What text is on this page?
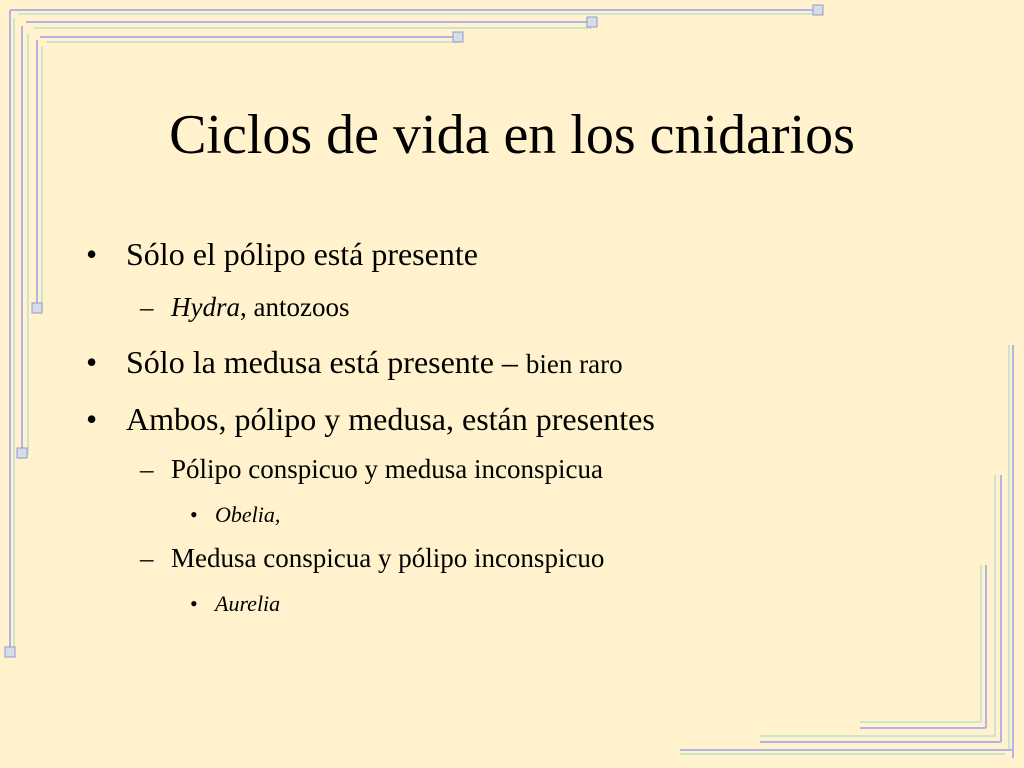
Ciclos de vida en los cnidarios
• Sólo el pólipo está presente
– Hydra, antozoos
• Sólo la medusa está presente – bien raro
• Ambos, pólipo y medusa, están presentes
– Pólipo conspicuo y medusa inconspicua
• Obelia,
– Medusa conspicua y pólipo inconspicuo
• Aurelia
